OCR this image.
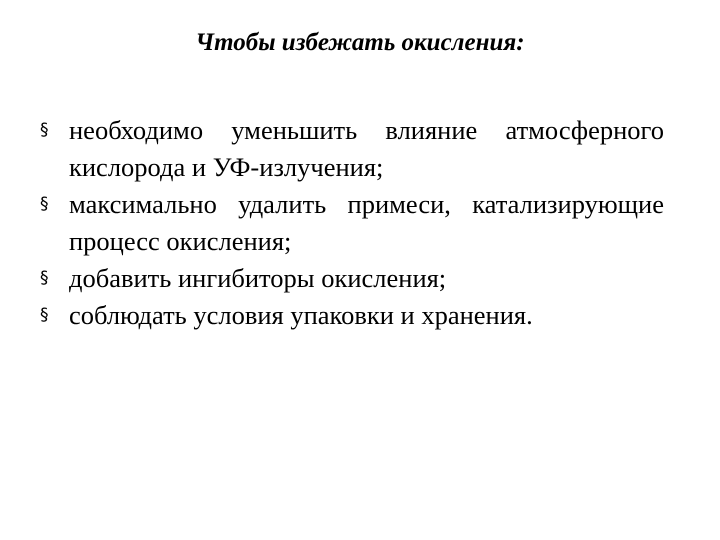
Чтобы избежать окисления:
§ необходимо уменьшить влияние атмосферного кислорода и УФ-излучения;
§ максимально удалить примеси, катализирующие процесс окисления;
§ добавить ингибиторы окисления;
§ соблюдать условия упаковки и хранения.
